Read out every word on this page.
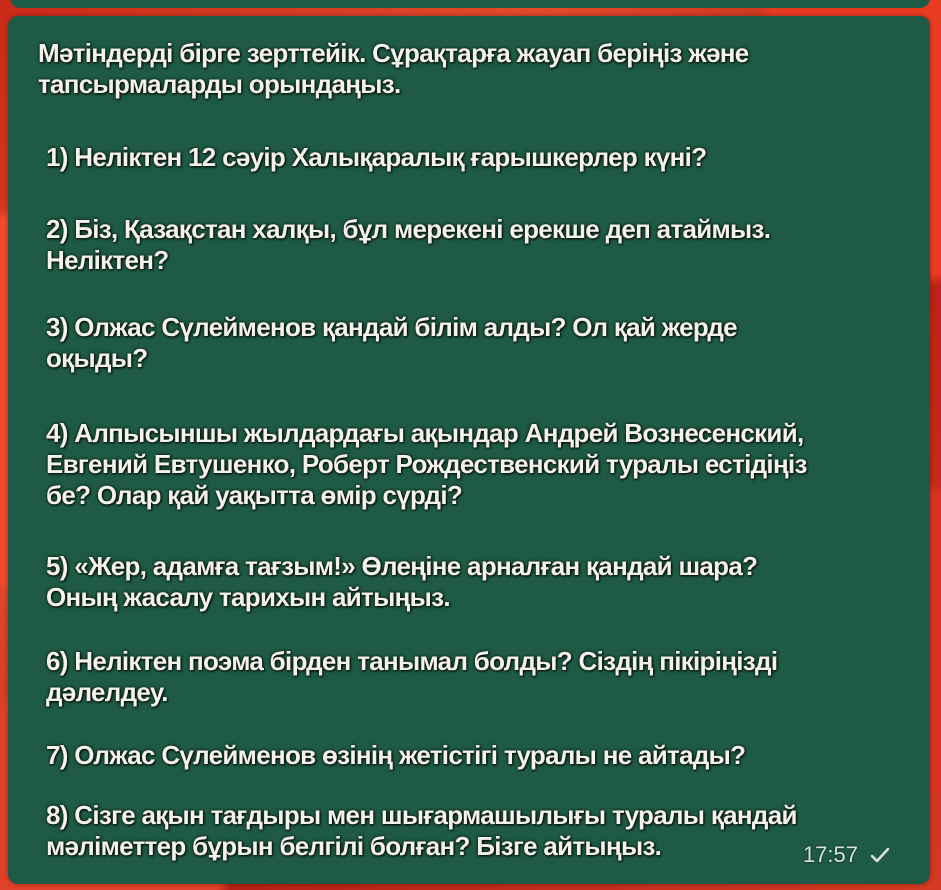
Мәтіндерді бірге зерттейік. Сұрақтарға жауап беріңіз және
тапсырмаларды орындаңыз.
1) Неліктен 12 сәуір Халықаралық ғарышкерлер күні?
2) Біз, Қазақстан халқы, бұл мерекені ерекше деп атаймыз.
Неліктен?
3) Олжас Сүлейменов қандай білім алды? Ол қай жерде
оқыды?
4) Алпысыншы жылдардағы ақындар Андрей Вознесенский,
Евгений Евтушенко, Роберт Рождественский туралы естідіңіз
бе? Олар қай уақытта өмір сүрді?
5) «Жер, адамға тағзым!» Өлеңіне арналған қандай шара?
Оның жасалу тарихын айтыңыз.
6) Неліктен поэма бірден танымал болды? Сіздің пікіріңізді
дәлелдеу.
7) Олжас Сүлейменов өзінің жетістігі туралы не айтады?
8) Сізге ақын тағдыры мен шығармашылығы туралы қандай
мәліметтер бұрын белгілі болған? Бізге айтыңыз.	17:57
